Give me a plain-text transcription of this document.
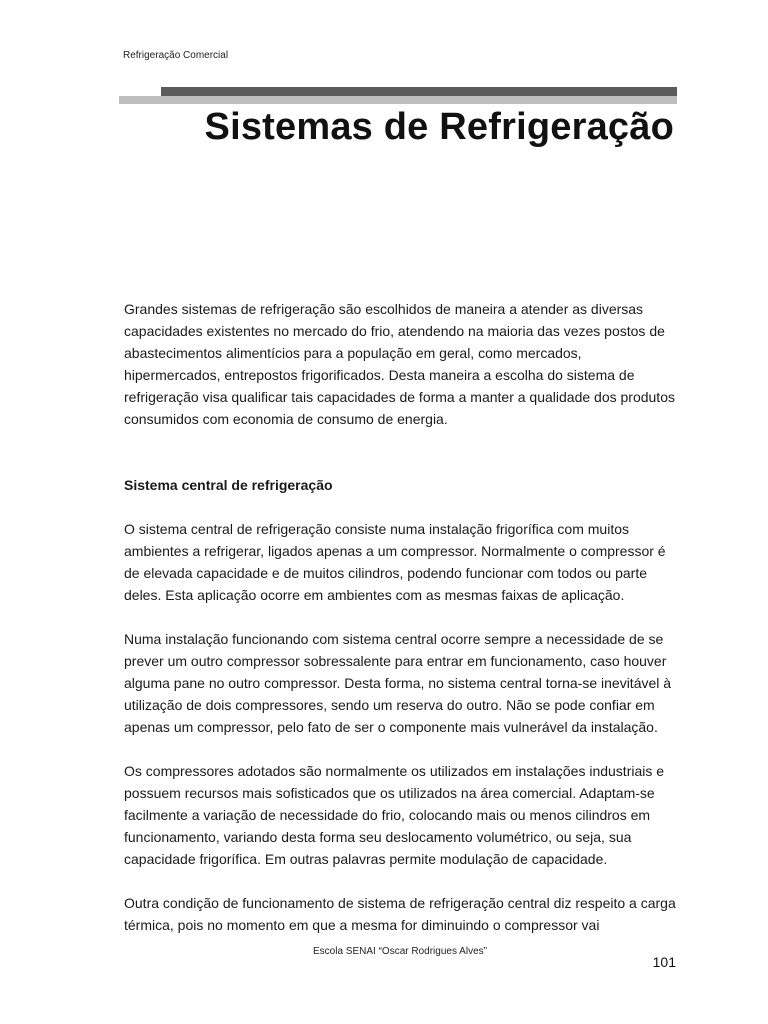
Refrigeração Comercial
Sistemas de Refrigeração

Grandes sistemas de refrigeração são escolhidos de maneira a atender as diversas capacidades existentes no mercado do frio, atendendo na maioria das vezes postos de abastecimentos alimentícios para a população em geral, como mercados, hipermercados, entrepostos frigorificados. Desta maneira a escolha do sistema de refrigeração visa qualificar tais capacidades de forma a manter a qualidade dos produtos consumidos com economia de consumo de energia.

Sistema central de refrigeração

O sistema central de refrigeração consiste numa instalação frigorífica com muitos ambientes a refrigerar, ligados apenas a um compressor. Normalmente o compressor é de elevada capacidade e de muitos cilindros, podendo funcionar com todos ou parte deles. Esta aplicação ocorre em ambientes com as mesmas faixas de aplicação.

Numa instalação funcionando com sistema central ocorre sempre a necessidade de se prever um outro compressor sobressalente para entrar em funcionamento, caso houver alguma pane no outro compressor. Desta forma, no sistema central torna-se inevitável à utilização de dois compressores, sendo um reserva do outro. Não se pode confiar em apenas um compressor, pelo fato de ser o componente mais vulnerável da instalação.

Os compressores adotados são normalmente os utilizados em instalações industriais e possuem recursos mais sofisticados que os utilizados na área comercial. Adaptam-se facilmente a variação de necessidade do frio, colocando mais ou menos cilindros em funcionamento, variando desta forma seu deslocamento volumétrico, ou seja, sua capacidade frigorífica. Em outras palavras permite modulação de capacidade.

Outra condição de funcionamento de sistema de refrigeração central diz respeito a carga térmica, pois no momento em que a mesma for diminuindo o compressor vai

Escola SENAI “Oscar Rodrigues Alves”
101
